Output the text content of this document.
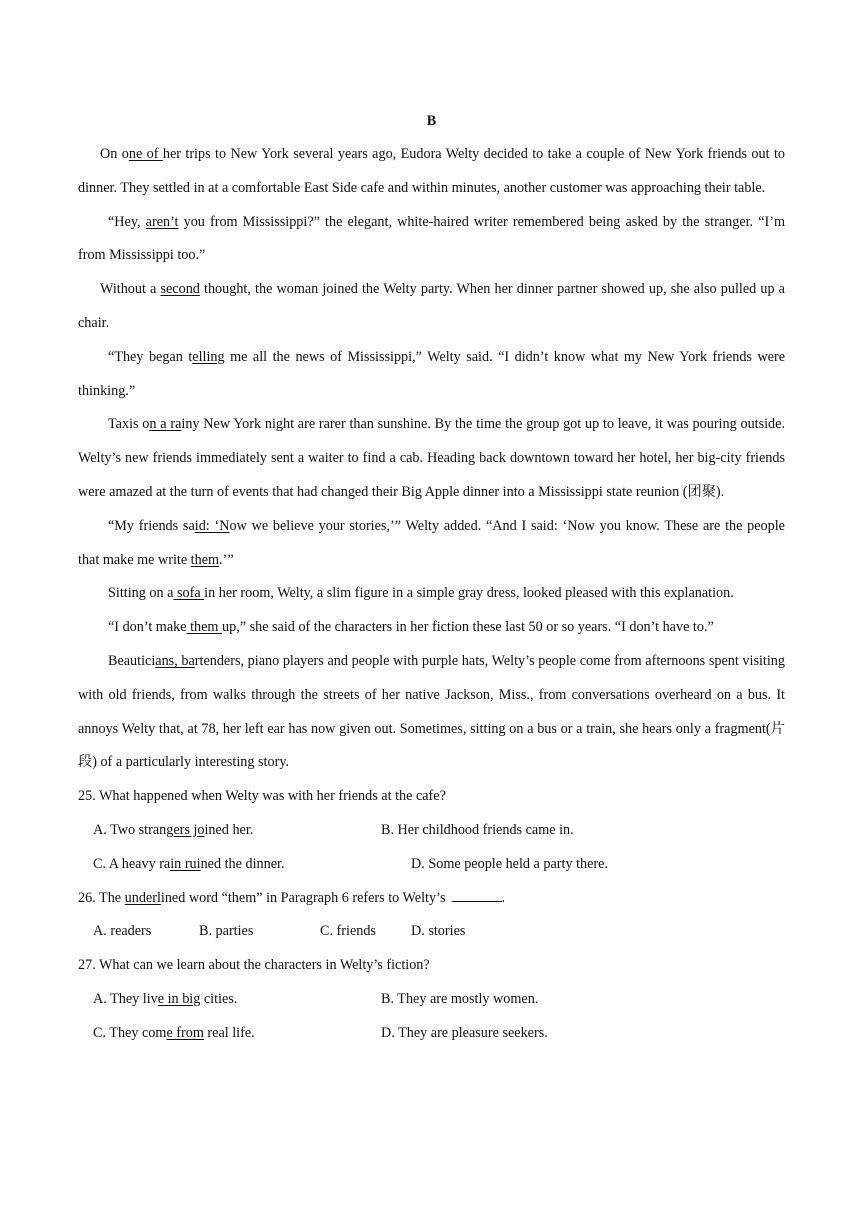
B

On one of her trips to New York several years ago, Eudora Welty decided to take a couple of New York friends out to dinner. They settled in at a comfortable East Side cafe and within minutes, another customer was approaching their table.

“Hey, aren’t you from Mississippi?” the elegant, white-haired writer remembered being asked by the stranger. “I’m from Mississippi too.”

Without a second thought, the woman joined the Welty party. When her dinner partner showed up, she also pulled up a chair.

“They began telling me all the news of Mississippi,” Welty said. “I didn’t know what my New York friends were thinking.”

Taxis on a rainy New York night are rarer than sunshine. By the time the group got up to leave, it was pouring outside. Welty’s new friends immediately sent a waiter to find a cab. Heading back downtown toward her hotel, her big-city friends were amazed at the turn of events that had changed their Big Apple dinner into a Mississippi state reunion (团聚).

“My friends said: ‘Now we believe your stories,’” Welty added. “And I said: ‘Now you know. These are the people that make me write them.’”

Sitting on a sofa in her room, Welty, a slim figure in a simple gray dress, looked pleased with this explanation.

“I don’t make them up,” she said of the characters in her fiction these last 50 or so years. “I don’t have to.”

Beauticians, bartenders, piano players and people with purple hats, Welty’s people come from afternoons spent visiting with old friends, from walks through the streets of her native Jackson, Miss., from conversations overheard on a bus. It annoys Welty that, at 78, her left ear has now given out. Sometimes, sitting on a bus or a train, she hears only a fragment(片段) of a particularly interesting story.

25. What happened when Welty was with her friends at the cafe?

A. Two strangers joined her.	B. Her childhood friends came in.
C. A heavy rain ruined the dinner.	D. Some people held a party there.

26. The underlined word “them” in Paragraph 6 refers to Welty’s	.

A. readers	B. parties	C. friends D. stories

27. What can we learn about the characters in Welty’s fiction?

A. They live in big cities.	B. They are mostly women.
C. They come from real life.	D. They are pleasure seekers.
